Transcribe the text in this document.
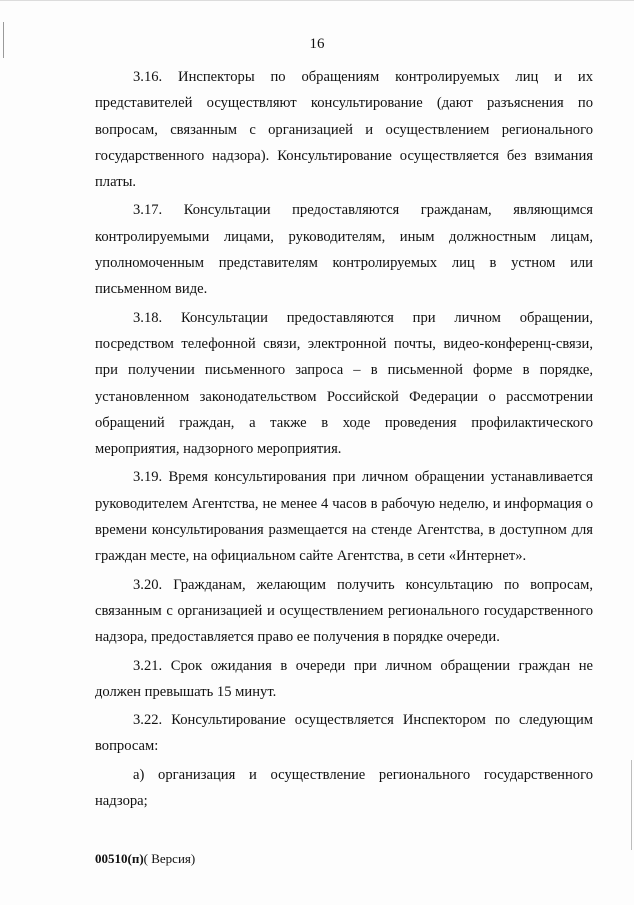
16

3.16. Инспекторы по обращениям контролируемых лиц и их представителей осуществляют консультирование (дают разъяснения по вопросам, связанным с организацией и осуществлением регионального государственного надзора). Консультирование осуществляется без взимания платы.

3.17. Консультации предоставляются гражданам, являющимся контролируемыми лицами, руководителям, иным должностным лицам, уполномоченным представителям контролируемых лиц в устном или письменном виде.

3.18. Консультации предоставляются при личном обращении, посредством телефонной связи, электронной почты, видео-конференц-связи, при получении письменного запроса – в письменной форме в порядке, установленном законодательством Российской Федерации о рассмотрении обращений граждан, а также в ходе проведения профилактического мероприятия, надзорного мероприятия.

3.19. Время консультирования при личном обращении устанавливается руководителем Агентства, не менее 4 часов в рабочую неделю, и информация о времени консультирования размещается на стенде Агентства, в доступном для граждан месте, на официальном сайте Агентства, в сети «Интернет».

3.20. Гражданам, желающим получить консультацию по вопросам, связанным с организацией и осуществлением регионального государственного надзора, предоставляется право ее получения в порядке очереди.

3.21. Срок ожидания в очереди при личном обращении граждан не должен превышать 15 минут.

3.22. Консультирование осуществляется Инспектором по следующим вопросам:

а) организация и осуществление регионального государственного надзора;

00510(п)( Версия)
